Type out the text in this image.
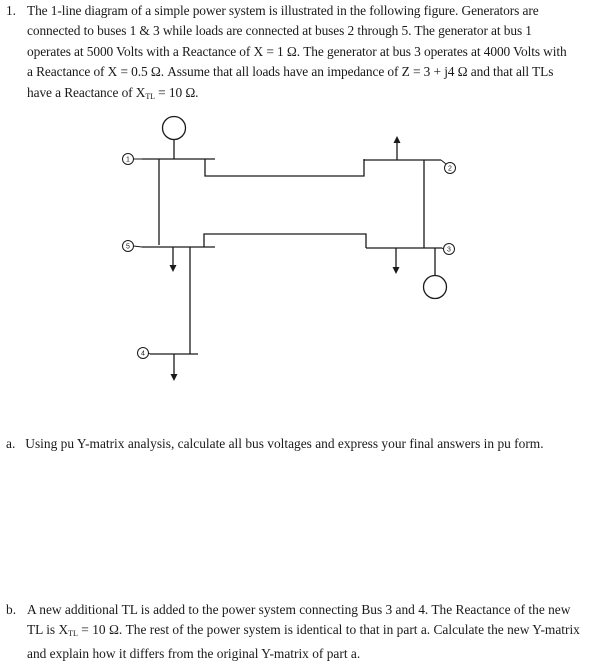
1. The 1-line diagram of a simple power system is illustrated in the following figure. Generators are
connected to buses 1 & 3 while loads are connected at buses 2 through 5. The generator at bus 1
operates at 5000 Volts with a Reactance of X = 1 Ω. The generator at bus 3 operates at 4000 Volts with
a Reactance of X = 0.5 Ω. Assume that all loads have an impedance of Z = 3 + j4 Ω and that all TLs
have a Reactance of $X_{TL} = 10$ Ω.
1
2
3
4
5
a. Using pu Y-matrix analysis, calculate all bus voltages and express your final answers in pu form.
b. A new additional TL is added to the power system connecting Bus 3 and 4. The Reactance of the new
TL is $X_{TL} = 10$ Ω. The rest of the power system is identical to that in part a. Calculate the new Y-matrix
and explain how it differs from the original Y-matrix of part a.
